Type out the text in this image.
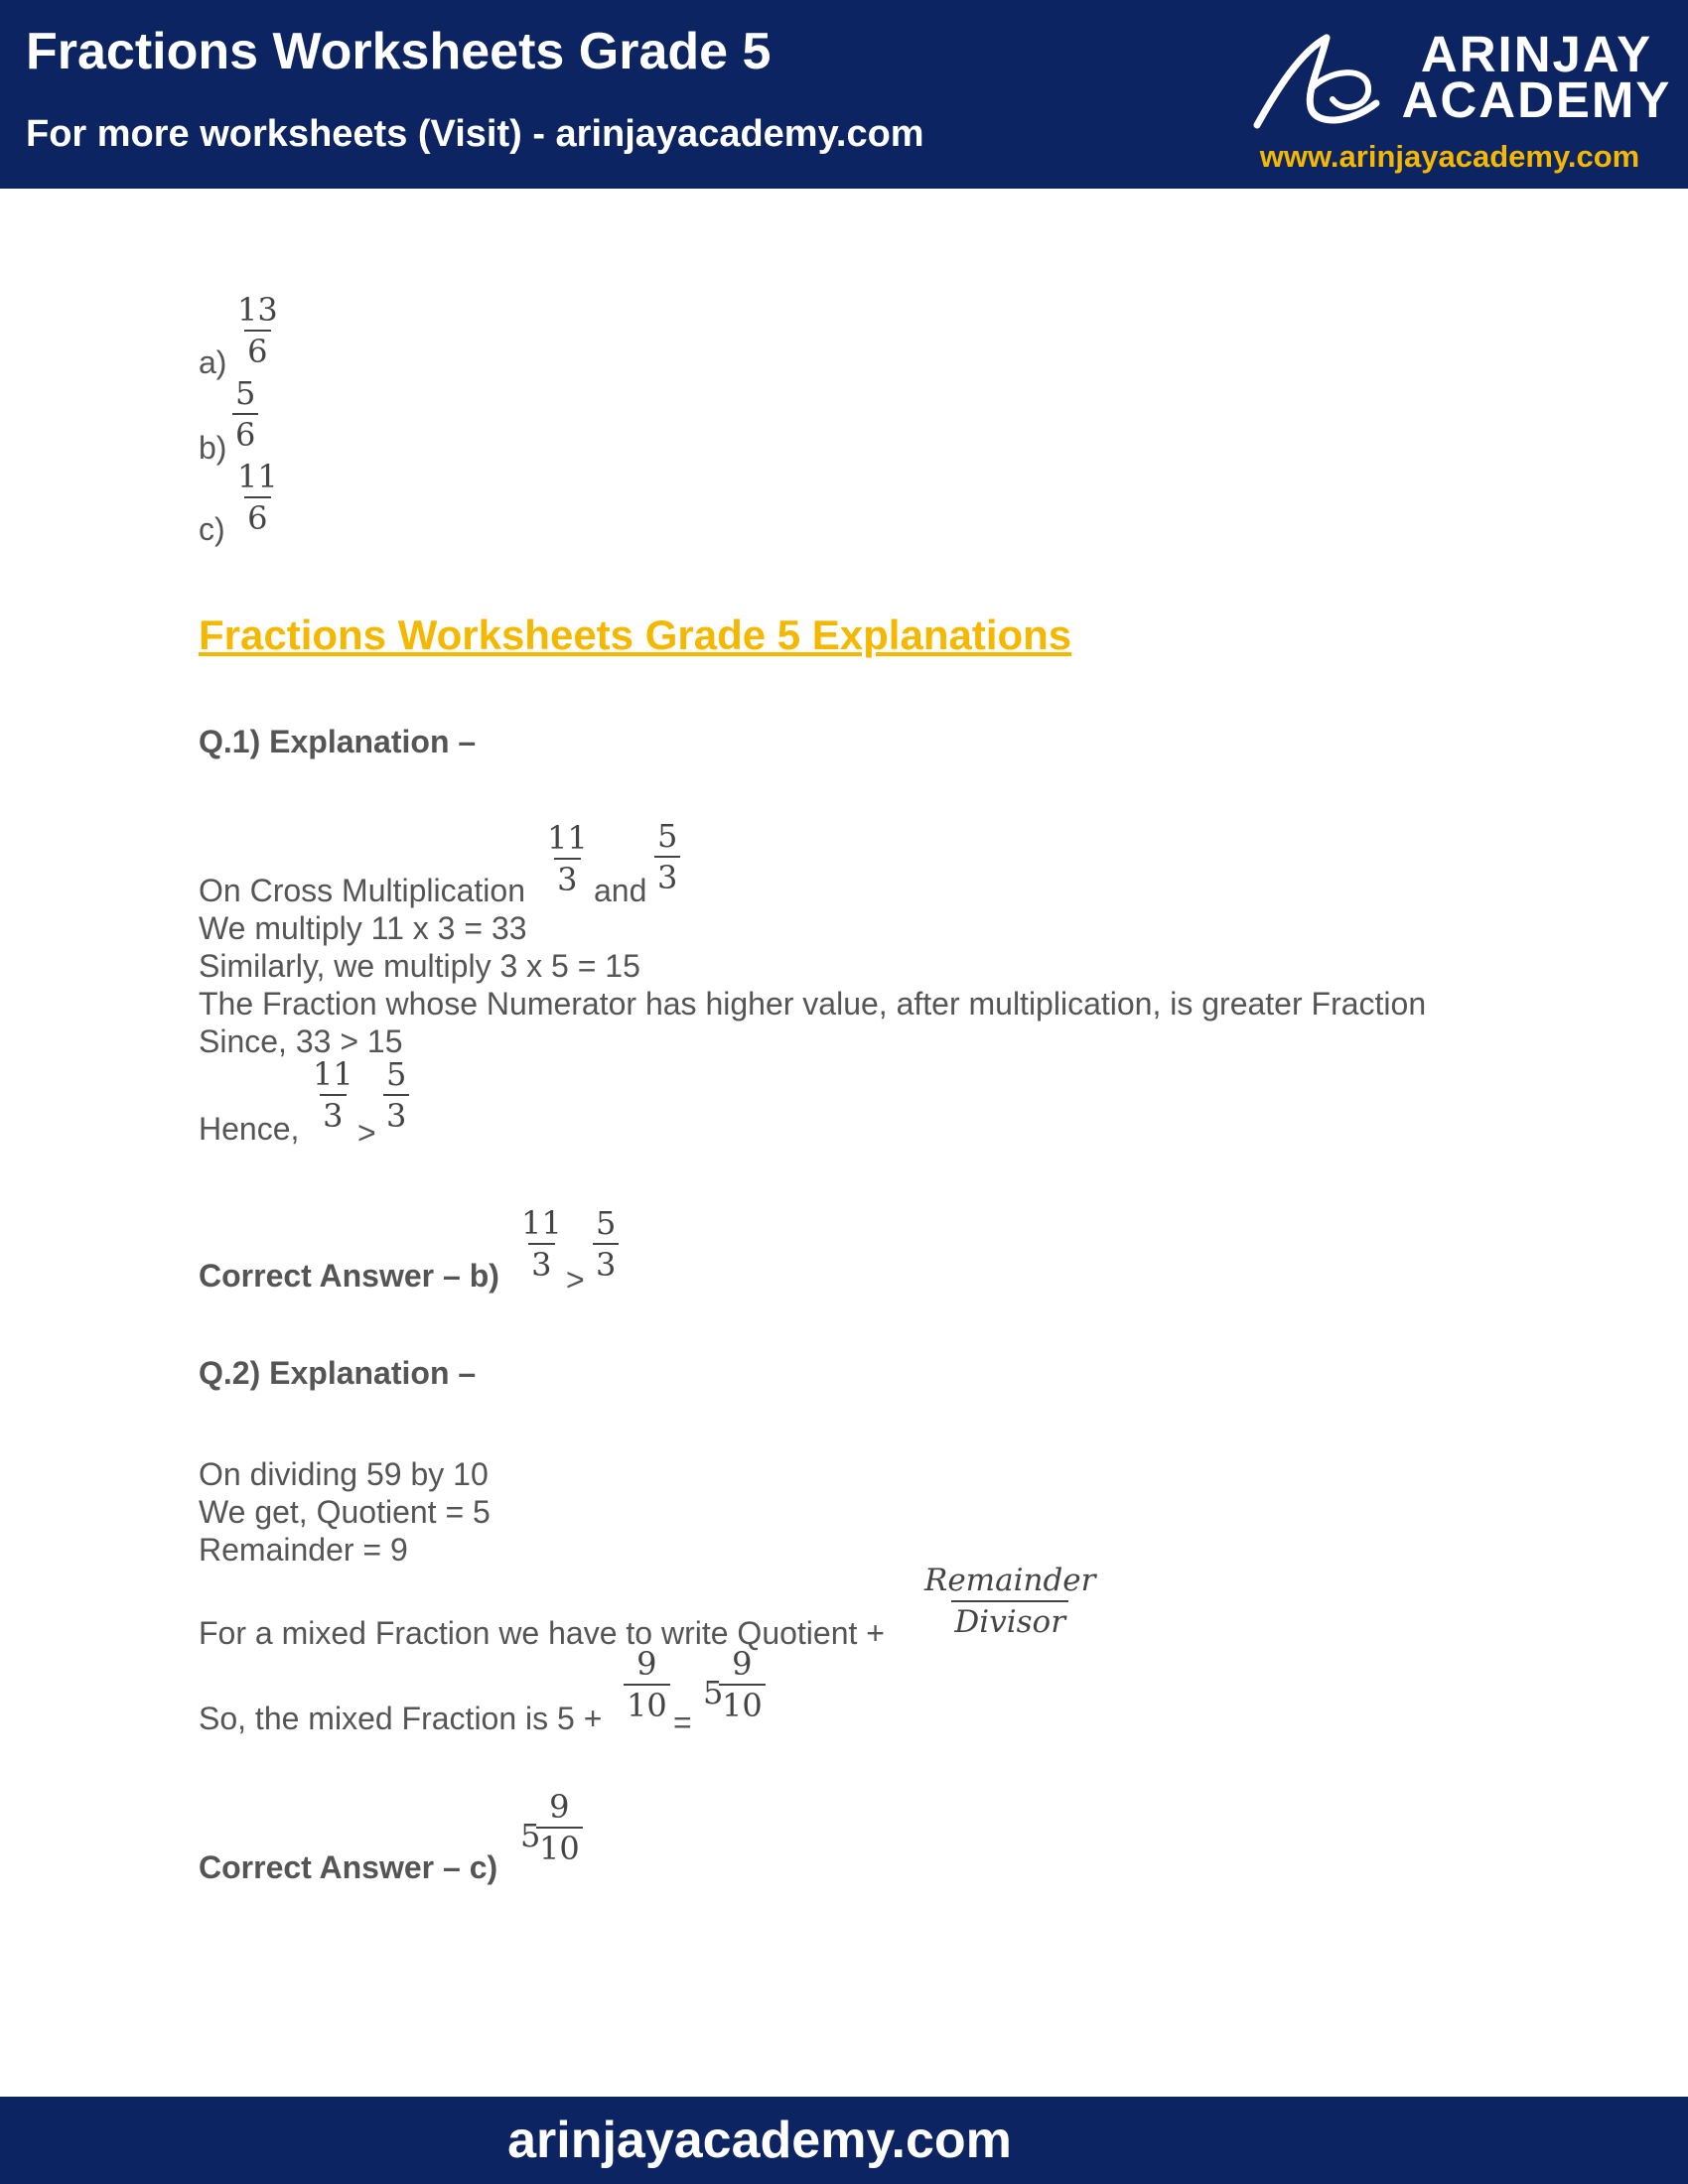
Fractions Worksheets Grade 5
For more worksheets (Visit) - arinjayacademy.com
ARINJAY
ACADEMY
www.arinjayacademy.com
$a) \frac{13}{6}$
$b) \frac{5}{6}$
$c) \frac{11}{6}$
Fractions Worksheets Grade 5 Explanations
Q.1) Explanation –
On Cross Multiplication $\frac{11}{3}$ and $\frac{5}{3}$
We multiply 11 x 3 = 33
Similarly, we multiply 3 x 5 = 15
The Fraction whose Numerator has higher value, after multiplication, is greater Fraction
Since, 33 > 15
Hence, $\frac{11}{3} > \frac{5}{3}$
Correct Answer – $b) \frac{11}{3} > \frac{5}{3}$
Q.2) Explanation –
On dividing 59 by 10
We get, Quotient = 5
Remainder = 9
For a mixed Fraction we have to write Quotient +
Remainder
Divisor
So, the mixed Fraction is $5 + \frac{9}{10}$ =
5
$\frac{9}{10}$
Correct Answer – c)
5
$\frac{9}{10}$
arinjayacademy.com
